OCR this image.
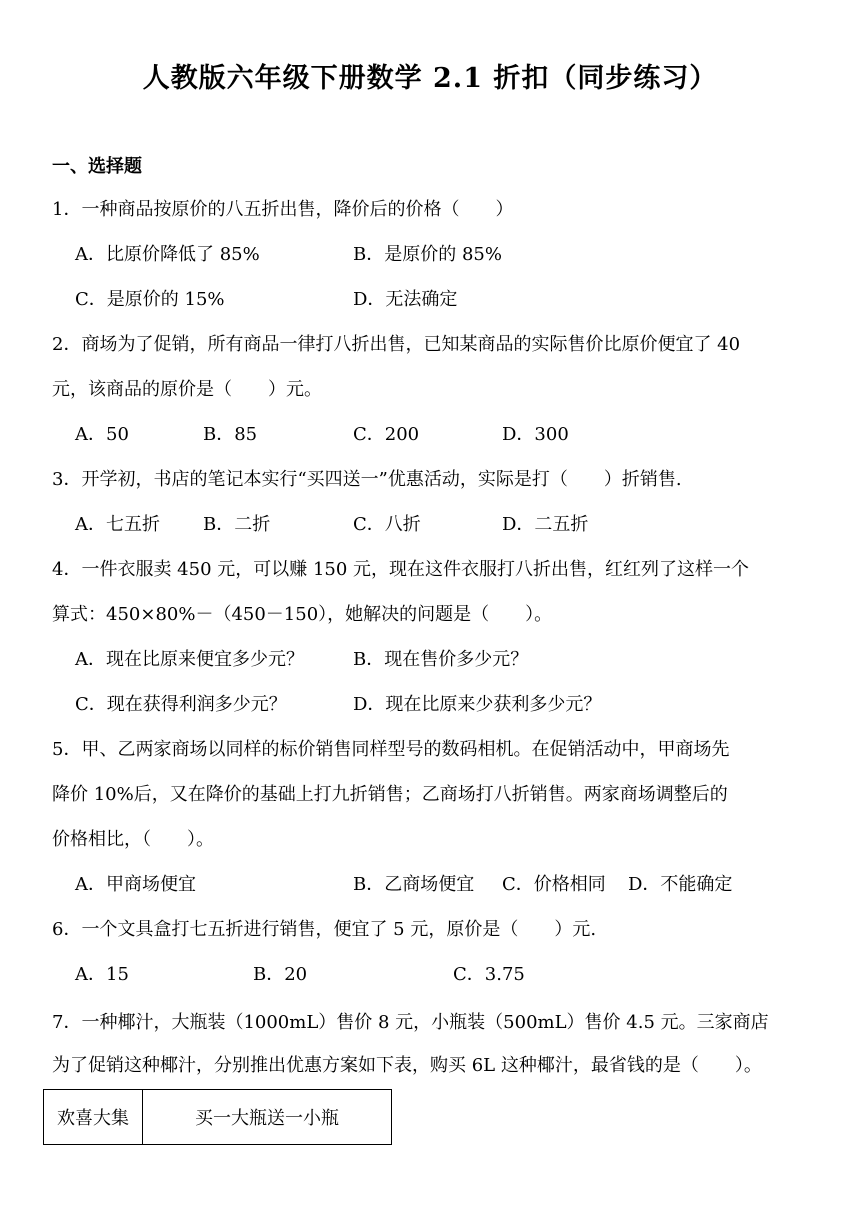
人教版六年级下册数学 2.1 折扣（同步练习）
一、选择题
1．一种商品按原价的八五折出售，降价后的价格（　　）
A．比原价降低了 85%	B．是原价的 85%
C．是原价的 15%	D．无法确定
2．商场为了促销，所有商品一律打八折出售，已知某商品的实际售价比原价便宜了 40
元，该商品的原价是（　　）元。
A．50	B．85	C．200	D．300
3．开学初，书店的笔记本实行“买四送一”优惠活动，实际是打（　　）折销售.
A．七五折 B．二折	C．八折	D．二五折
4．一件衣服卖 450 元，可以赚 150 元，现在这件衣服打八折出售，红红列了这样一个
算式：450×80%－（450－150），她解决的问题是（　　）。
A．现在比原来便宜多少元？	B．现在售价多少元？
C．现在获得利润多少元？	D．现在比原来少获利多少元？
5．甲、乙两家商场以同样的标价销售同样型号的数码相机。在促销活动中，甲商场先
降价 10%后，又在降价的基础上打九折销售；乙商场打八折销售。两家商场调整后的
价格相比，（　　）。
A．甲商场便宜	B．乙商场便宜 C．价格相同 D．不能确定
6．一个文具盒打七五折进行销售，便宜了 5 元，原价是（　　）元.
A．15	B．20	C．3.75
7．一种椰汁，大瓶装（1000mL）售价 8 元，小瓶装（500mL）售价 4.5 元。三家商店
为了促销这种椰汁，分别推出优惠方案如下表，购买 6L 这种椰汁，最省钱的是（　　）。
欢喜大集	买一大瓶送一小瓶
